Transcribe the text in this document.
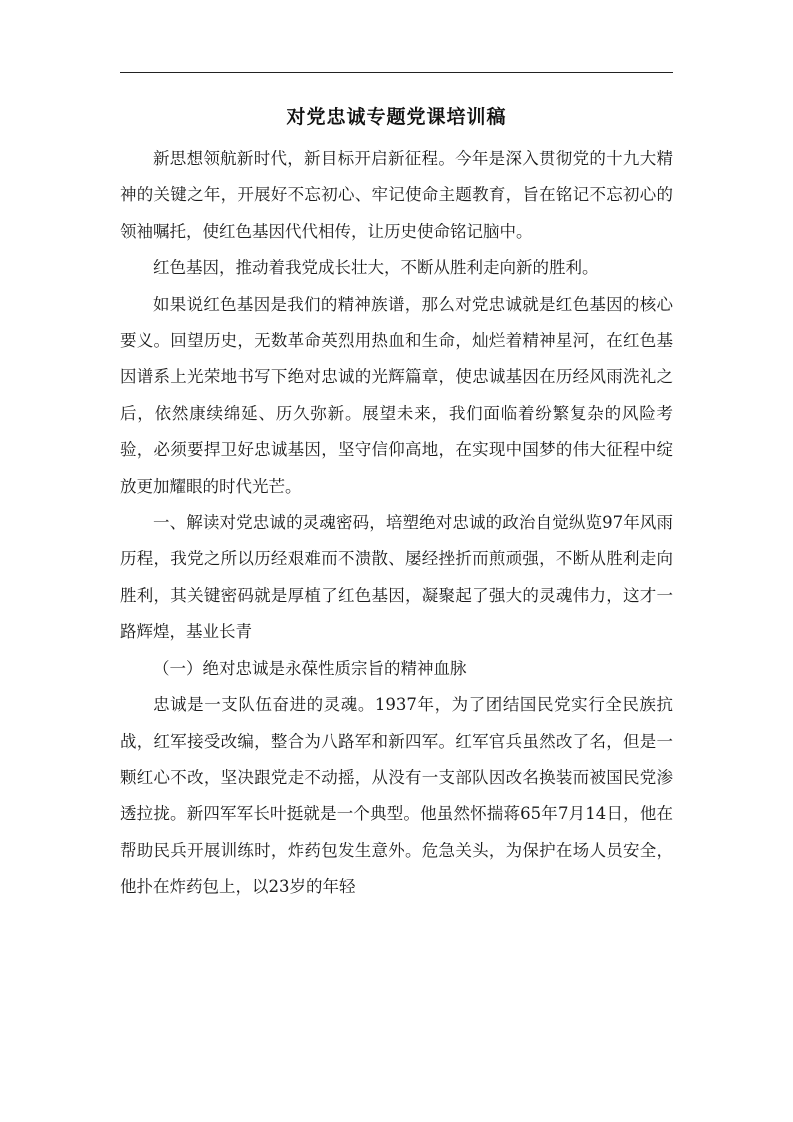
对党忠诚专题党课培训稿

新思想领航新时代，新目标开启新征程。今年是深入贯彻党的十九大精神的关键之年，开展好不忘初心、牢记使命主题教育，旨在铭记不忘初心的领袖嘱托，使红色基因代代相传，让历史使命铭记脑中。

红色基因，推动着我党成长壮大，不断从胜利走向新的胜利。

如果说红色基因是我们的精神族谱，那么对党忠诚就是红色基因的核心要义。回望历史，无数革命英烈用热血和生命，灿烂着精神星河，在红色基因谱系上光荣地书写下绝对忠诚的光辉篇章，使忠诚基因在历经风雨洗礼之后，依然康续绵延、历久弥新。展望未来，我们面临着纷繁复杂的风险考验，必须要捍卫好忠诚基因，坚守信仰高地，在实现中国梦的伟大征程中绽放更加耀眼的时代光芒。

一、解读对党忠诚的灵魂密码，培塑绝对忠诚的政治自觉纵览97年风雨历程，我党之所以历经艰难而不溃散、屡经挫折而煎顽强，不断从胜利走向胜利，其关键密码就是厚植了红色基因，凝聚起了强大的灵魂伟力，这才一路辉煌，基业长青

（一）绝对忠诚是永葆性质宗旨的精神血脉

忠诚是一支队伍奋进的灵魂。1937年，为了团结国民党实行全民族抗战，红军接受改编，整合为八路军和新四军。红军官兵虽然改了名，但是一颗红心不改，坚决跟党走不动摇，从没有一支部队因改名换装而被国民党渗透拉拢。新四军军长叶挺就是一个典型。他虽然怀揣蒋65年7月14日，他在帮助民兵开展训练时，炸药包发生意外。危急关头，为保护在场人员安全，他扑在炸药包上，以23岁的年轻
